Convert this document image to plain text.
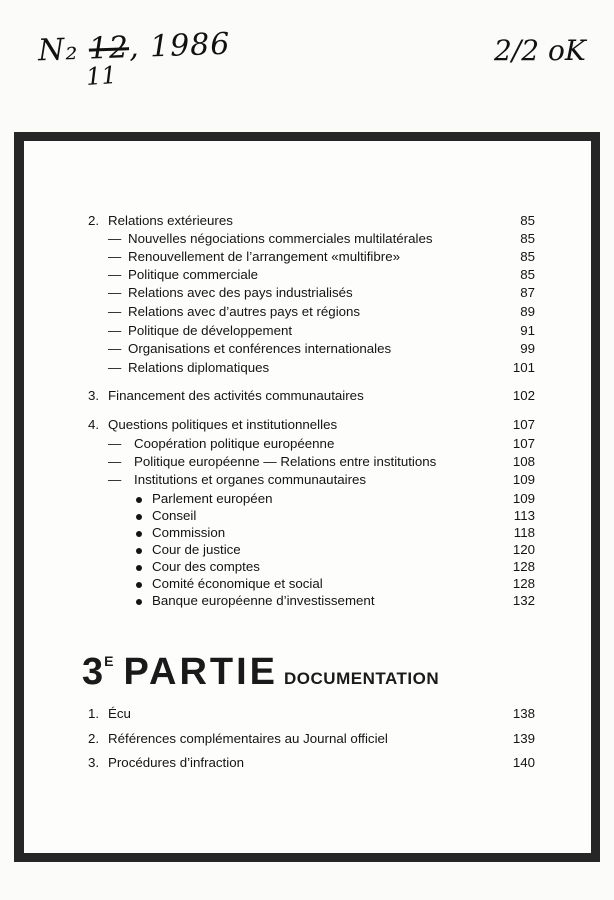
N₂ 12, 1986
11
2/2 oK
2. Relations extérieures	85
— Nouvelles négociations commerciales multilatérales	85
— Renouvellement de l’arrangement «multifibre»	85
— Politique commerciale	85
— Relations avec des pays industrialisés	87
— Relations avec d’autres pays et régions	89
— Politique de développement	91
— Organisations et conférences internationales	99
— Relations diplomatiques	101
3. Financement des activités communautaires	102
4. Questions politiques et institutionnelles	107
— Coopération politique européenne	107
— Politique européenne — Relations entre institutions	108
— Institutions et organes communautaires	109
Parlement européen	109
Conseil	113
Commission	118
Cour de justice	120
Cour des comptes	128
Comité économique et social	128
Banque européenne d’investissement	132
3E PARTIE DOCUMENTATION
1. Écu	138
2. Références complémentaires au Journal officiel	139
3. Procédures d’infraction	140
